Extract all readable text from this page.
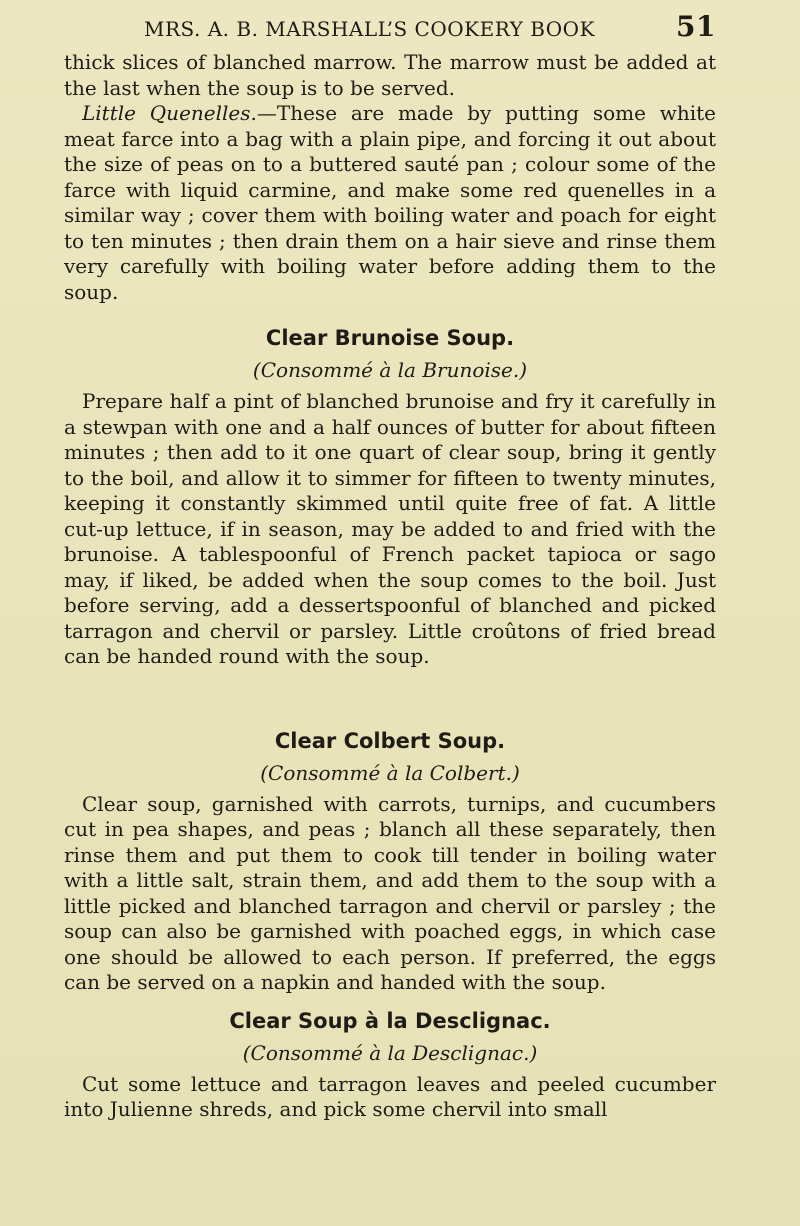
MRS. A. B. MARSHALL’S COOKERY BOOK	51

thick slices of blanched marrow. The marrow must be added at the last when the soup is to be served.

Little Quenelles.—These are made by putting some white meat farce into a bag with a plain pipe, and forcing it out about the size of peas on to a buttered sauté pan ; colour some of the farce with liquid carmine, and make some red quenelles in a similar way ; cover them with boiling water and poach for eight to ten minutes ; then drain them on a hair sieve and rinse them very carefully with boiling water before adding them to the soup.

Clear Brunoise Soup.
(Consommé à la Brunoise.)

Prepare half a pint of blanched brunoise and fry it carefully in a stewpan with one and a half ounces of butter for about fifteen minutes ; then add to it one quart of clear soup, bring it gently to the boil, and allow it to simmer for fifteen to twenty minutes, keeping it constantly skimmed until quite free of fat. A little cut-up lettuce, if in season, may be added to and fried with the brunoise. A tablespoonful of French packet tapioca or sago may, if liked, be added when the soup comes to the boil. Just before serving, add a dessertspoonful of blanched and picked tarragon and chervil or parsley. Little croûtons of fried bread can be handed round with the soup.

Clear Colbert Soup.
(Consommé à la Colbert.)

Clear soup, garnished with carrots, turnips, and cucumbers cut in pea shapes, and peas ; blanch all these separately, then rinse them and put them to cook till tender in boiling water with a little salt, strain them, and add them to the soup with a little picked and blanched tarragon and chervil or parsley ; the soup can also be garnished with poached eggs, in which case one should be allowed to each person. If preferred, the eggs can be served on a napkin and handed with the soup.

Clear Soup à la Desclignac.
(Consommé à la Desclignac.)

Cut some lettuce and tarragon leaves and peeled cucumber into Julienne shreds, and pick some chervil into small
